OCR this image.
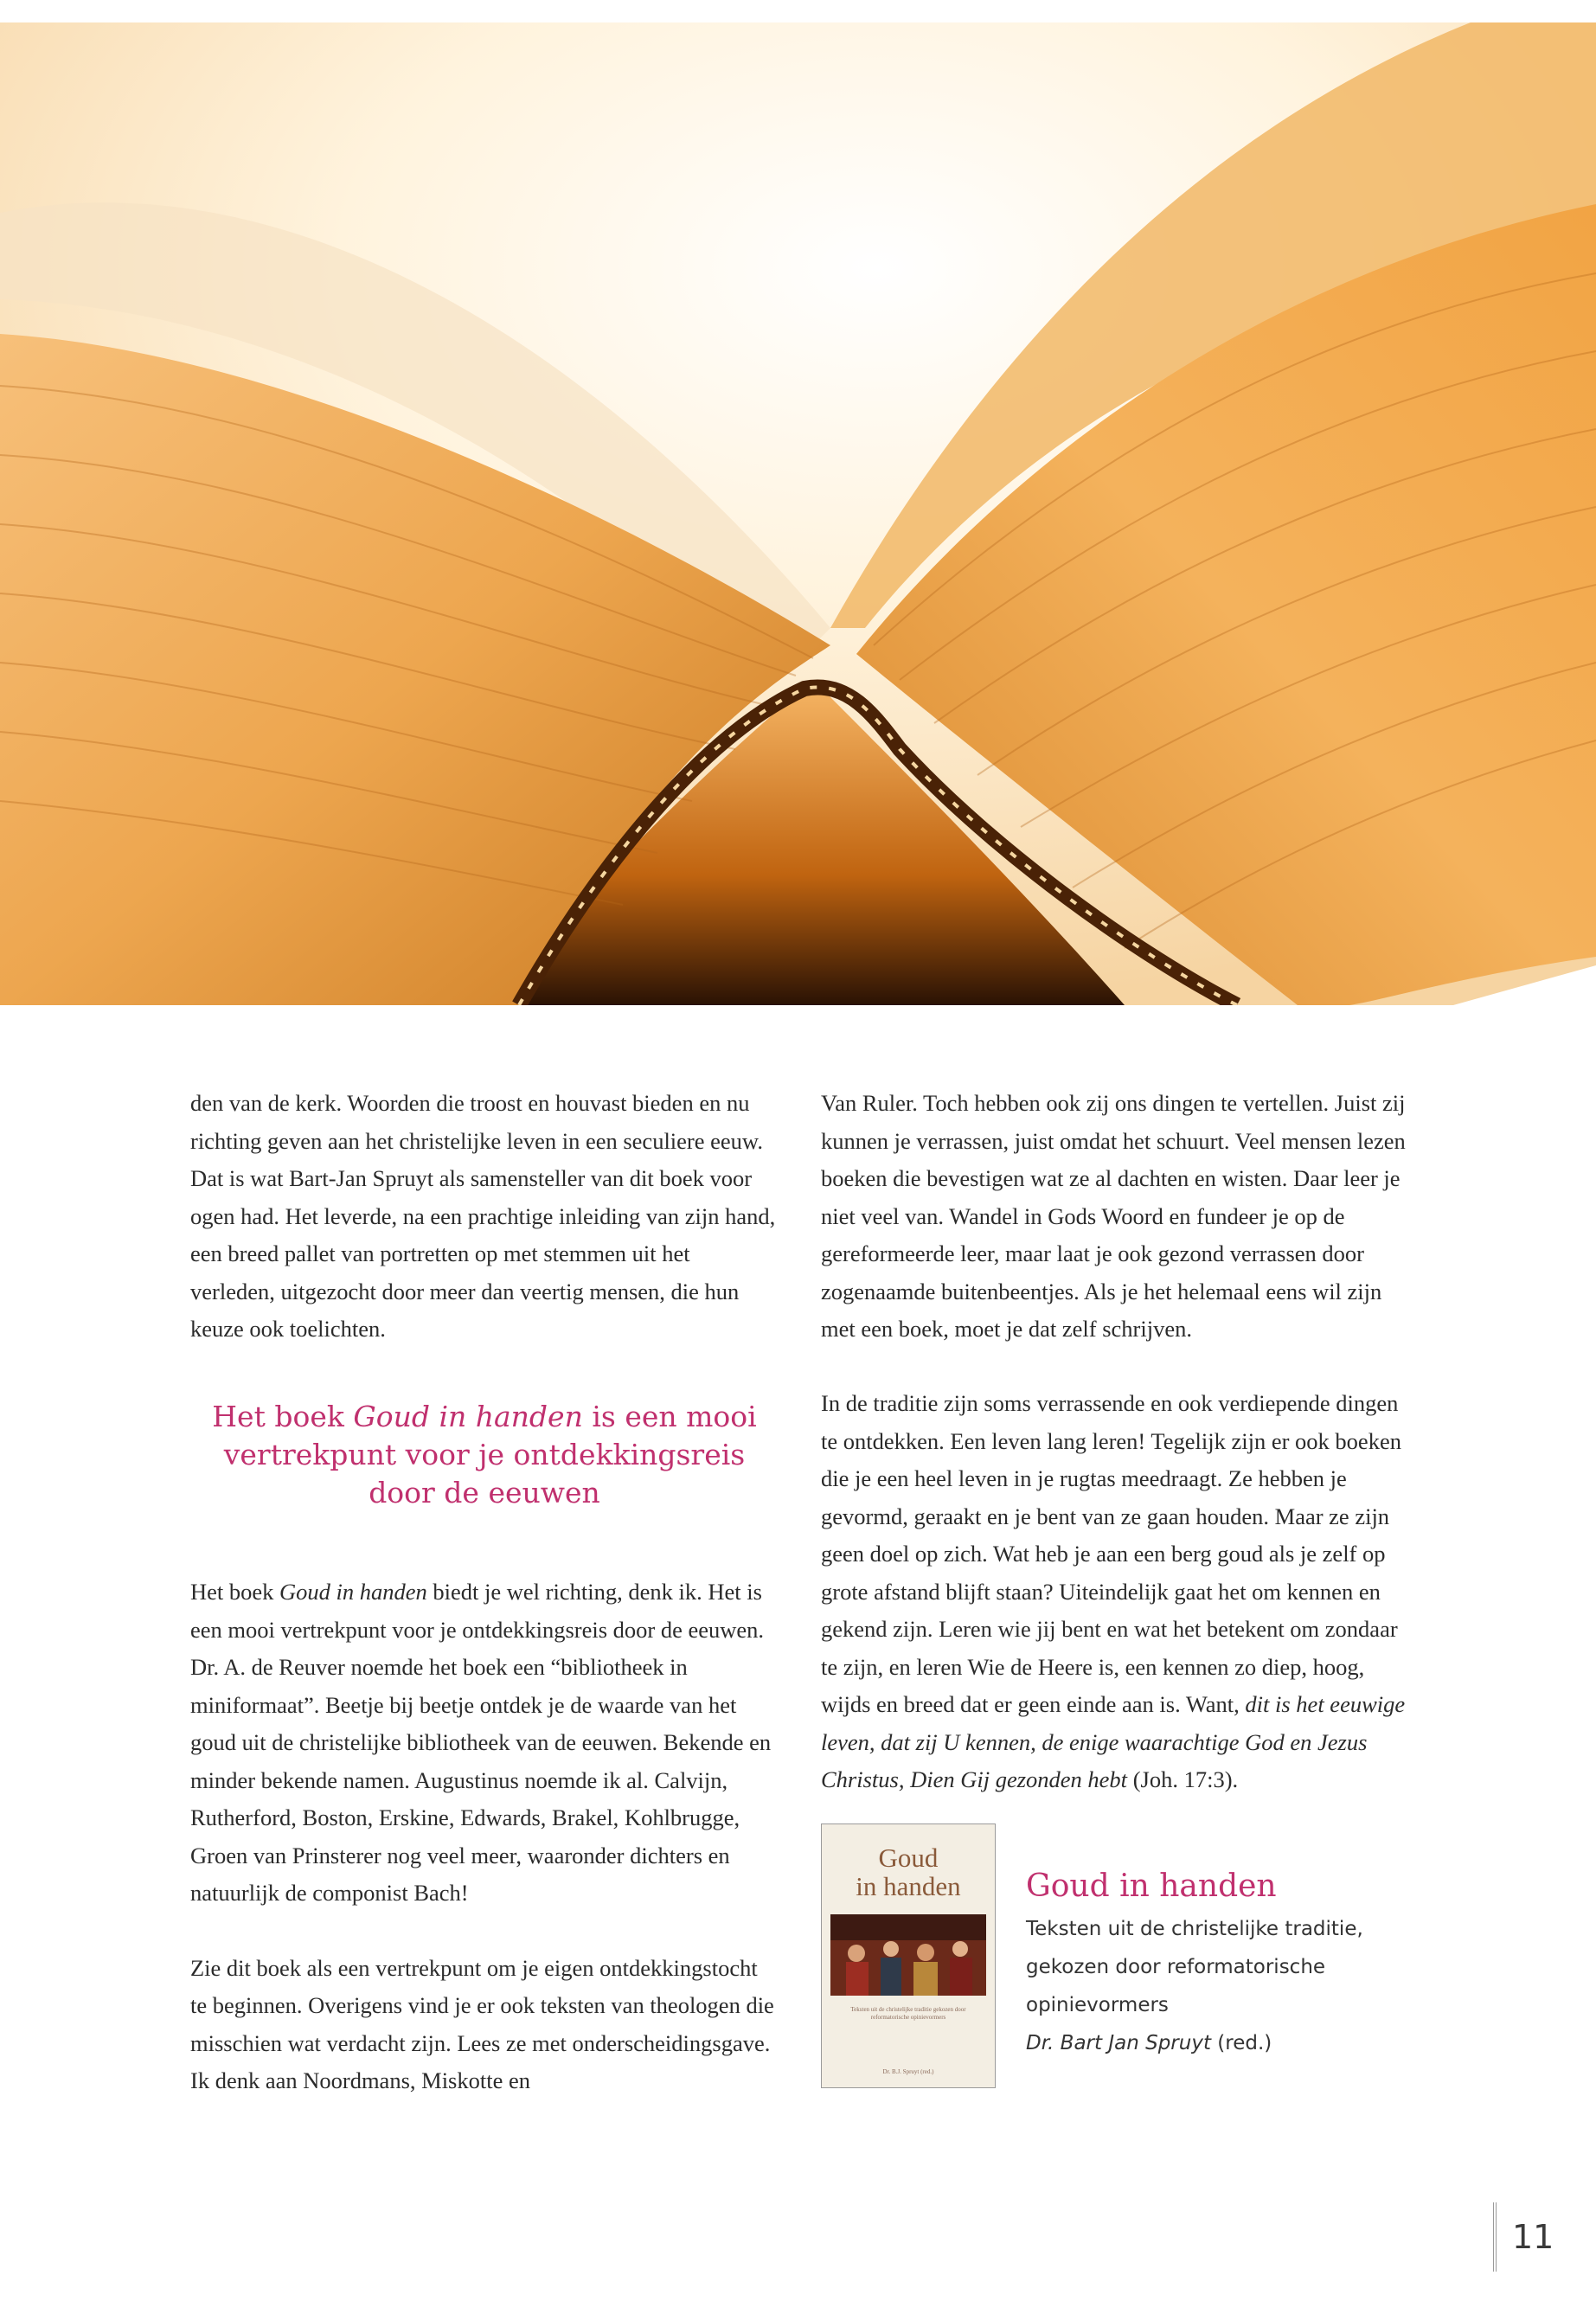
den van de kerk. Woorden die troost en houvast bieden en nu richting geven aan het christelijke leven in een seculiere eeuw. Dat is wat Bart-Jan Spruyt als samensteller van dit boek voor ogen had. Het leverde, na een prachtige inleiding van zijn hand, een breed pallet van portretten op met stemmen uit het verleden, uitgezocht door meer dan veertig mensen, die hun keuze ook toelichten.

Het boek Goud in handen is een mooi vertrekpunt voor je ontdekkingsreis door de eeuwen

Het boek Goud in handen biedt je wel richting, denk ik. Het is een mooi vertrekpunt voor je ontdekkingsreis door de eeuwen. Dr. A. de Reuver noemde het boek een “bibliotheek in miniformaat”. Beetje bij beetje ontdek je de waarde van het goud uit de christelijke bibliotheek van de eeuwen. Bekende en minder bekende namen. Augustinus noemde ik al. Calvijn, Rutherford, Boston, Erskine, Edwards, Brakel, Kohlbrugge, Groen van Prinsterer nog veel meer, waaronder dichters en natuurlijk de componist Bach!

Zie dit boek als een vertrekpunt om je eigen ontdekkingstocht te beginnen. Overigens vind je er ook teksten van theologen die misschien wat verdacht zijn. Lees ze met onderscheidingsgave. Ik denk aan Noordmans, Miskotte en

Van Ruler. Toch hebben ook zij ons dingen te vertellen. Juist zij kunnen je verrassen, juist omdat het schuurt. Veel mensen lezen boeken die bevestigen wat ze al dachten en wisten. Daar leer je niet veel van. Wandel in Gods Woord en fundeer je op de gereformeerde leer, maar laat je ook gezond verrassen door zogenaamde buitenbeentjes. Als je het helemaal eens wil zijn met een boek, moet je dat zelf schrijven.

In de traditie zijn soms verrassende en ook verdiepende dingen te ontdekken. Een leven lang leren! Tegelijk zijn er ook boeken die je een heel leven in je rugtas meedraagt. Ze hebben je gevormd, geraakt en je bent van ze gaan houden. Maar ze zijn geen doel op zich. Wat heb je aan een berg goud als je zelf op grote afstand blijft staan? Uiteindelijk gaat het om kennen en gekend zijn. Leren wie jij bent en wat het betekent om zondaar te zijn, en leren Wie de Heere is, een kennen zo diep, hoog, wijds en breed dat er geen einde aan is. Want, dit is het eeuwige leven, dat zij U kennen, de enige waarachtige God en Jezus Christus, Dien Gij gezonden hebt (Joh. 17:3).

Goud
in handen
Teksten uit de christelijke traditie gekozen door reformatorische opinievormers
Dr. B.J. Spruyt (red.)
Goud in handen
Teksten uit de christelijke traditie,
gekozen door reformatorische
opinievormers
Dr. Bart Jan Spruyt (red.)
11
